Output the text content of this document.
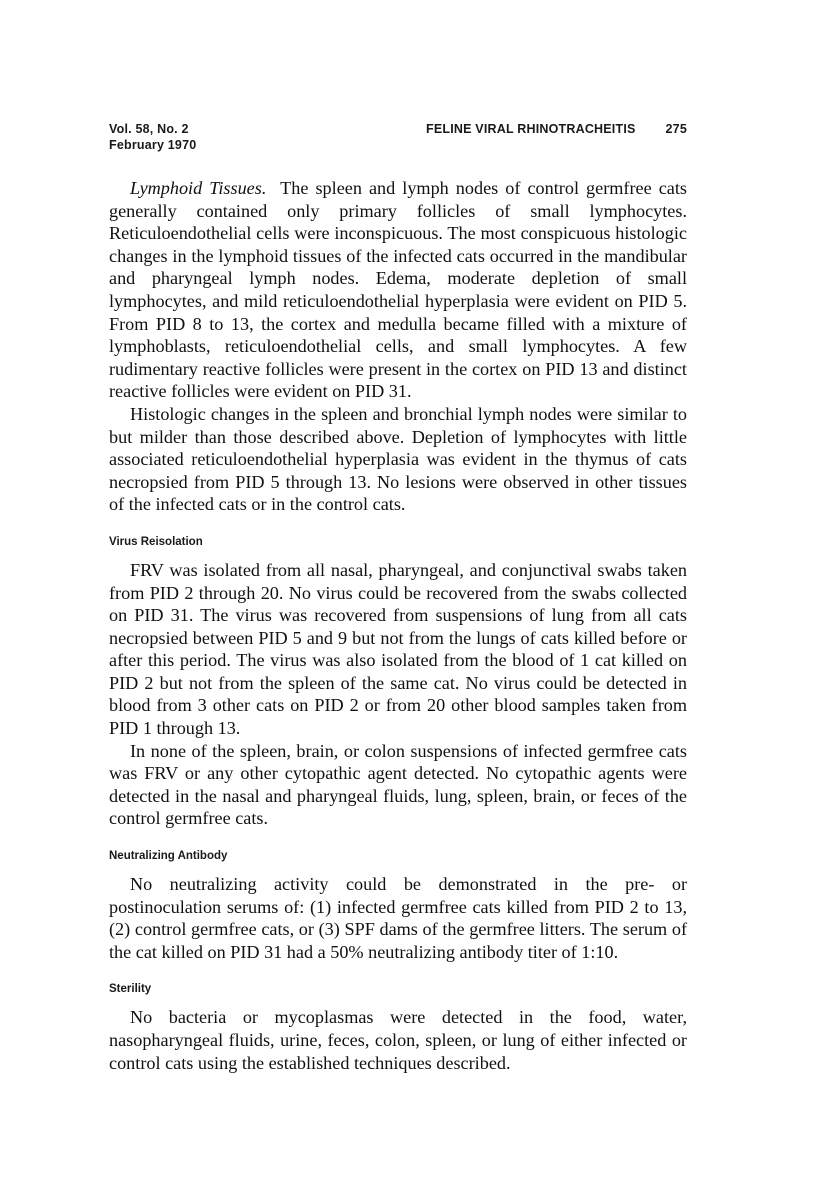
Vol. 58, No. 2	FELINE VIRAL RHINOTRACHEITIS 275
February 1970

Lymphoid Tissues. The spleen and lymph nodes of control germfree cats generally contained only primary follicles of small lymphocytes. Reticuloendothelial cells were inconspicuous. The most conspicuous histologic changes in the lymphoid tissues of the infected cats occurred in the mandibular and pharyngeal lymph nodes. Edema, moderate depletion of small lymphocytes, and mild reticuloendothelial hyperplasia were evident on PID 5. From PID 8 to 13, the cortex and medulla became filled with a mixture of lymphoblasts, reticuloendothelial cells, and small lymphocytes. A few rudimentary reactive follicles were present in the cortex on PID 13 and distinct reactive follicles were evident on PID 31.

Histologic changes in the spleen and bronchial lymph nodes were similar to but milder than those described above. Depletion of lymphocytes with little associated reticuloendothelial hyperplasia was evident in the thymus of cats necropsied from PID 5 through 13. No lesions were observed in other tissues of the infected cats or in the control cats.

Virus Reisolation

FRV was isolated from all nasal, pharyngeal, and conjunctival swabs taken from PID 2 through 20. No virus could be recovered from the swabs collected on PID 31. The virus was recovered from suspensions of lung from all cats necropsied between PID 5 and 9 but not from the lungs of cats killed before or after this period. The virus was also isolated from the blood of 1 cat killed on PID 2 but not from the spleen of the same cat. No virus could be detected in blood from 3 other cats on PID 2 or from 20 other blood samples taken from PID 1 through 13.

In none of the spleen, brain, or colon suspensions of infected germfree cats was FRV or any other cytopathic agent detected. No cytopathic agents were detected in the nasal and pharyngeal fluids, lung, spleen, brain, or feces of the control germfree cats.

Neutralizing Antibody

No neutralizing activity could be demonstrated in the pre- or postinoculation serums of: (1) infected germfree cats killed from PID 2 to 13, (2) control germfree cats, or (3) SPF dams of the germfree litters. The serum of the cat killed on PID 31 had a 50% neutralizing antibody titer of 1:10.

Sterility

No bacteria or mycoplasmas were detected in the food, water, nasopharyngeal fluids, urine, feces, colon, spleen, or lung of either infected or control cats using the established techniques described.
